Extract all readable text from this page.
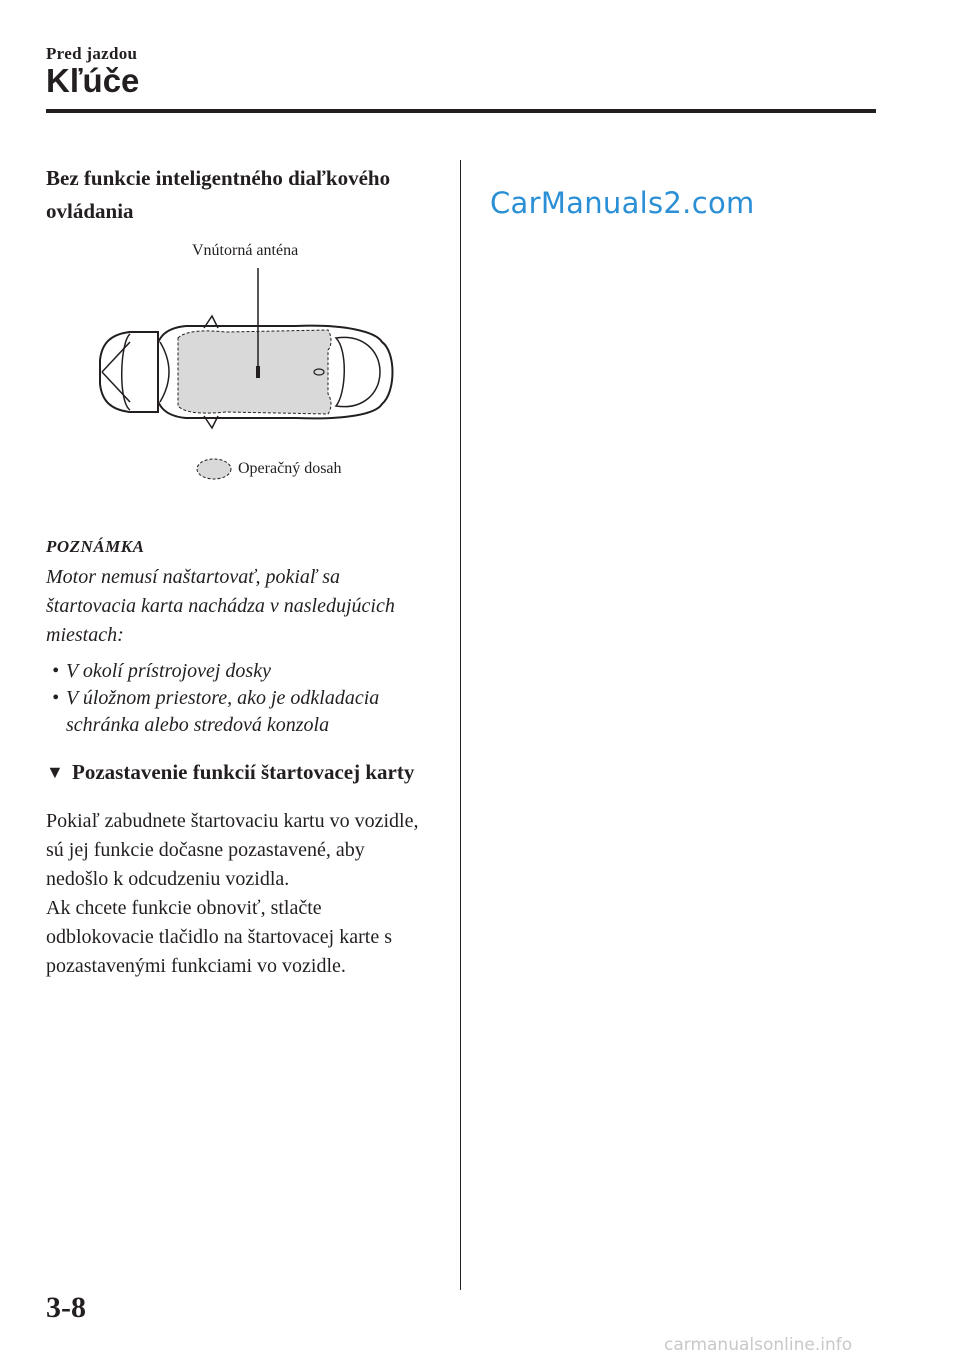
Pred jazdou
Kľúče
CarManuals2.com
Bez funkcie inteligentného diaľkového ovládania
Vnútorná anténa
Operačný dosah
POZNÁMKA

Motor nemusí naštartovať, pokiaľ sa štartovacia karta nachádza v nasledujúcich miestach:

• V okolí prístrojovej dosky
• V úložnom priestore, ako je odkladacia schránka alebo stredová konzola
▼ Pozastavenie funkcií štartovacej karty

Pokiaľ zabudnete štartovaciu kartu vo vozidle, sú jej funkcie dočasne pozastavené, aby nedošlo k odcudzeniu vozidla.

Ak chcete funkcie obnoviť, stlačte odblokovacie tlačidlo na štartovacej karte s pozastavenými funkciami vo vozidle.

3-8
carmanualsonline.info
